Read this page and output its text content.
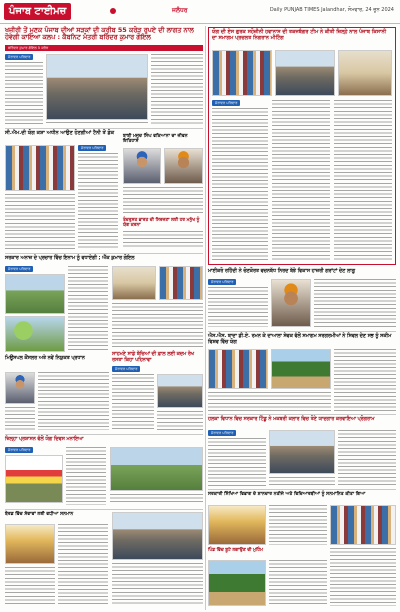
ਪੰਜਾਬ ਟਾਈਮਜ਼	ਜਲੰਧਰ	Daily PUNJAB TIMES Jalandhar, ਸੋਮਵਾਰ, 24 ਜੂਨ 2024
ਖਜ਼ੀਰੀ ਤੋਂ ਮੁਣਕ ਪੰਜਾਬ ਦੀਆਂ ਸੜਕਾਂ ਦੀ ਕਰੀਬ 55 ਕਰੋੜ ਰੁਪਏ ਦੀ ਲਾਗਤ ਨਾਲ ਹੋਵੇਗੀ ਕਾਇਆ ਕਲਪ : ਕੈਬਨਿਟ ਮੰਤਰੀ ਬਰਿੰਦਰ ਕੁਮਾਰ ਗੋਇਲ
ਬਰਿੰਦਰ ਕੁਮਾਰ ਗੋਇਲ 5 ਕਰੋੜ
ਜੋਰਾਵਰ ਪਰਿਵਾਰ
ਸੀ.ਐਮ.ਦੀ ਯੋਗ ਕਸ਼ਾ ਅਧੀਨ ਆਉਣ ਹੋਣਗੀਆਂ ਟੈਨੀ ਤੋਂ ਡੋਕ
ਜੋਰਾਵਰ ਪਰਿਵਾਰ
ਬਾਬੀ ਮਜੂਦ ਸਿੰਘ ਵਕਿਆਨਾ ਦਾ ਜੀਵਨ ਇਤਿਹਾਸ
ਤੰਦਰੁਸਤ ਭਾਰਤ ਦੀ ਸਿਰਜਣਾ ਲਈ ਹਰ ਮਨੁੱਖ ਨੂੰ ਯੋਗ ਕਰਨਾ
ਸਰਕਾਰ ਅਨਾਜ਼ ਦੇ ਪ੍ਰਚਾਰ ਵਿੱਚ ਇਨਾਮ ਨੂੰ ਵਧਾਏਗੀ ; ਐੱਕ ਕੁਮਾਰ ਗੋਇਲ
ਜੋਰਾਵਰ ਪਰਿਵਾਰ
ਸਾਹਮਣੇ ਸਾਡੇ ਬੱਚਿਆਂ ਦੀ ਫ਼ਾਲ ਲਈ ਕਦਮ ਰੱਖ ਰਸਤਾ ਕਿਹਾ ਪਹਿਨਾਵਾ
ਜੋਰਾਵਰ ਪਰਿਵਾਰ
ਮਿਊਂਸਪਲ ਕੌਂਸਲਰ ਅਤੇ ਨਵੇਂ ਨਿਯੁਕਤ ਪ੍ਰਧਾਨ
ਜ਼ਿਲ੍ਹਾ ਪ੍ਰਸ਼ਾਸਨ ਵੱਲੋਂ ਯੋਗ ਦਿਵਸ ਮਨਾਇਆ
ਜੋਰਾਵਰ ਪਰਿਵਾਰ
ਬੋਰਡ ਵਿੱਚ ਸੇਵਾਵਾਂ ਲਈ ਵਧੀਆ ਸਨਮਾਨ
ਯੋਗ ਦੀ ਏਸ ਗੁਰਕ ਸਹੋਜ਼ੀਨੀ ਹਵਾਨਾਸ ਦੀ ਤਕਜਬੰਗਰ ਟੀਮ ਨੇ ਕੀਤੀ ਜ਼ਿਲ੍ਹੇ ਨਾਲ ਪੰਜਾਬ ਕਿਸਾਨੀ ਦਾ ਸਮਾਗਮ ਪ੍ਰਚਲਤ ਨਿਗਰਾਨ ਮੀਟਿੰਗ
ਜੋਰਾਵਰ ਪਰਿਵਾਰ
ਮਾਈਕਰੋ ਰਹਿੰਦੀ ਨੇ ਚੋਣਕੋਰਤ ਵਚਨਬੱਧ ਨਿਰਦ ਬੱਝੇ ਵਿਕਾਸ ਹਾਜ਼ਰੀ ਗਰਾਂਟਾਂ ਦੇਣ ਲਾਗੂ
ਜੋਰਾਵਰ ਪਰਿਵਾਰ
ਐਸ.ਐਸ. ਬਾਦਾ ਡੀ.ਏ. ਰਮਨ ਕੇ ਦਾਆਲਾ ਸੇਵਕ ਵੱਲੋਂ ਸਮਾਗਮ ਸਰਗਰਮੀਆਂ ਨੇ ਸਿਵਲ ਦੇਣ ਸਭ ਨੂੰ ਸਕੀਮ ਵਿਸ਼ਵ ਵਿੱਚ ਯੋਗ
ਹਲਕਾ ਵਿਧਾਨ ਵਿਚ ਸਰਕਾਰ ਟਿੰਡੂ ਨੇ ਮਕਬਰੀ ਕਲਾਰ ਵਿਚ ਤੋਣੇ ਯਾਦਗਾਰ ਕਰਵਾਇਆ ਪ੍ਰੋਗਰਾਮ
ਜੋਰਾਵਰ ਪਰਿਵਾਰ
ਸਰਕਾਰੀ ਸਿੱਖਿਆ ਵਿਭਾਗ ਦੇ ਸ਼ਾਨਦਾਰ ਨਤੀਜੇ ਅਤੇ ਵਿਦਿਆਰਥੀਆਂ ਨੂੰ ਸਨਮਾਨਿਤ ਕੀਤਾ ਗਿਆ
ਪਿੰਡ ਵਿੱਚ ਬੂਟੇ ਲਗਾਉਣ ਦੀ ਮੁਹਿੰਮ
